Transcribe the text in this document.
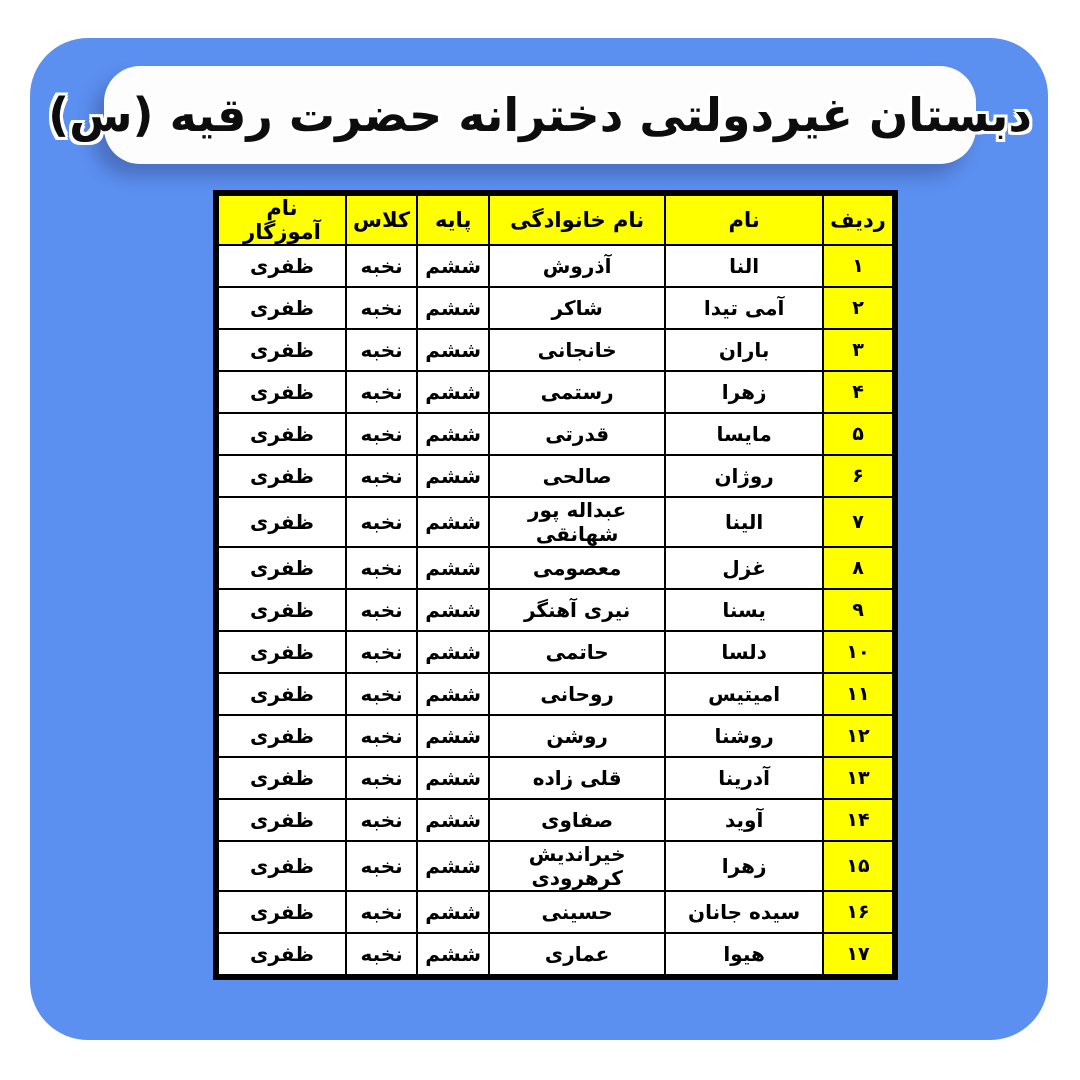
دبستان غیردولتی دخترانه حضرت رقیه (س)
ردیف	نام	نام خانوادگی	پایه	کلاس	نام آموزگار
۱	النا	آذروش	ششم	نخبه	ظفری
۲	آمی تیدا	شاکر	ششم	نخبه	ظفری
۳	باران	خانجانی	ششم	نخبه	ظفری
۴	زهرا	رستمی	ششم	نخبه	ظفری
۵	مایسا	قدرتی	ششم	نخبه	ظفری
۶	روژان	صالحی	ششم	نخبه	ظفری
۷	الینا	عبداله پور شهانقی	ششم	نخبه	ظفری
۸	غزل	معصومی	ششم	نخبه	ظفری
۹	یسنا	نیری آهنگر	ششم	نخبه	ظفری
۱۰	دلسا	حاتمی	ششم	نخبه	ظفری
۱۱	امیتیس	روحانی	ششم	نخبه	ظفری
۱۲	روشنا	روشن	ششم	نخبه	ظفری
۱۳	آدرینا	قلی زاده	ششم	نخبه	ظفری
۱۴	آوید	صفاوی	ششم	نخبه	ظفری
۱۵	زهرا	خیراندیش کرهرودی	ششم	نخبه	ظفری
۱۶	سیده جانان	حسینی	ششم	نخبه	ظفری
۱۷	هیوا	عماری	ششم	نخبه	ظفری
